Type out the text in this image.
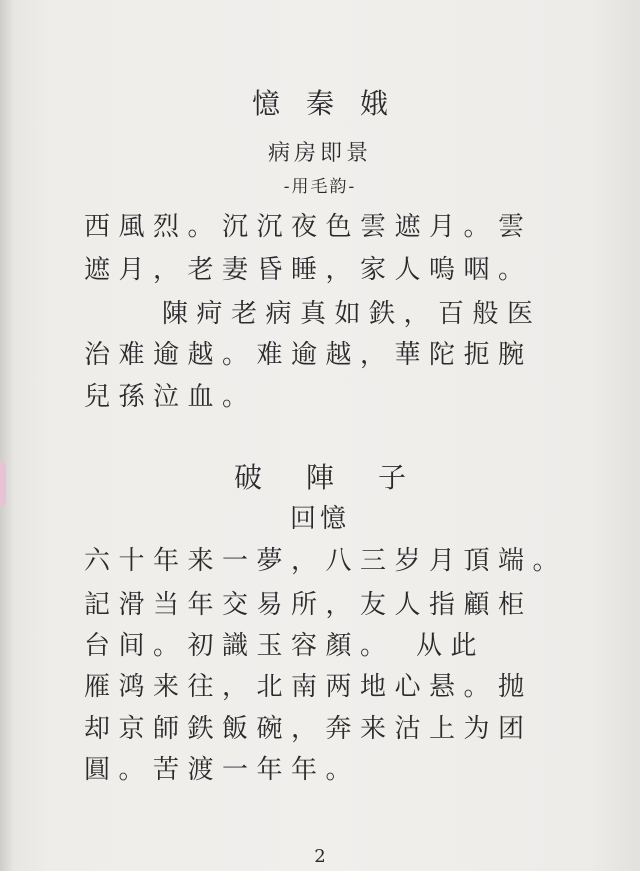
憶秦娥
病房即景
-用毛韵-
西風烈。沉沉夜色雲遮月。雲
遮月，老妻昏睡，家人嗚咽。
陳疴老病真如鉄，百般医
治难逾越。难逾越，華陀扼腕
兒孫泣血。
破陣子
回憶
六十年来一夢，八三岁月頂端。
記滑当年交易所，友人指顧柜
台间。初識玉容顏。　从此
雁鸿来往，北南两地心悬。抛
却京師鉄飯碗，奔来沽上为团
圓。苦渡一年年。
2
